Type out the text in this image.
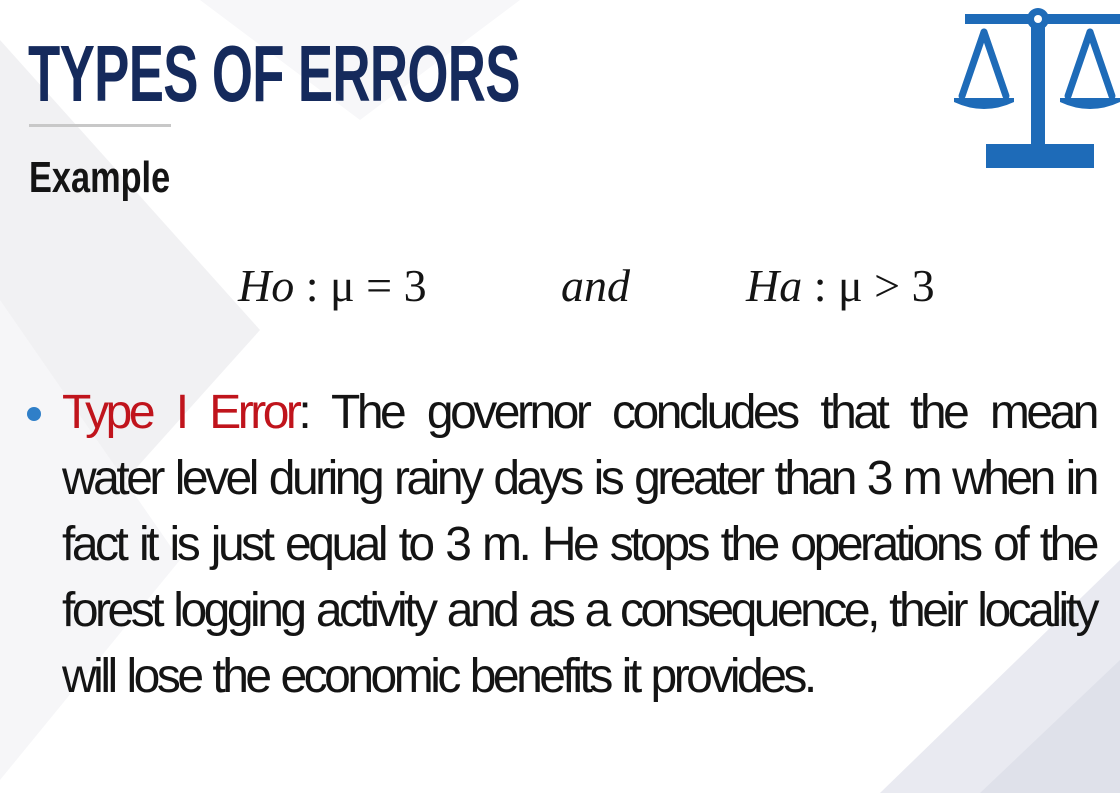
TYPES OF ERRORS
Example
Ho : μ = 3	and	Ha : μ > 3

Type I Error: The governor concludes that the mean water level during rainy days is greater than 3 m when in fact it is just equal to 3 m. He stops the operations of the forest logging activity and as a consequence, their locality will lose the economic benefits it provides.
